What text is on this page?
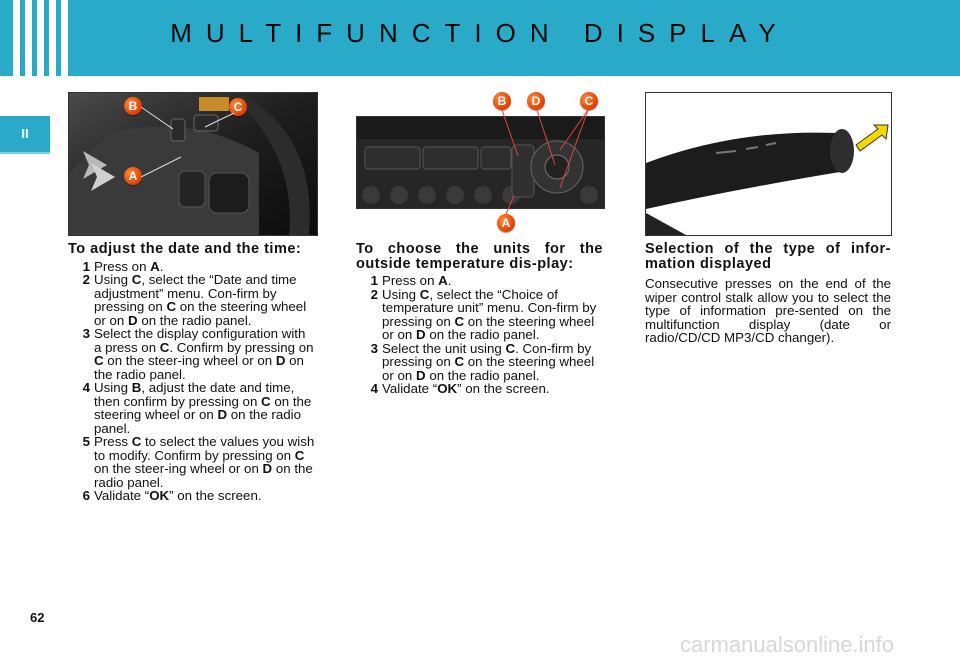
MULTIFUNCTION DISPLAY
II
B	C
A
B	D	C
A
To adjust the date and the time:
1 Press on A.
2 Using C, select the “Date and time adjustment” menu. Con-firm by pressing on C on the steering wheel or on D on the radio panel.
3 Select the display configuration with a press on C. Confirm by pressing on C on the steer-ing wheel or on D on the radio panel.
4 Using B, adjust the date and time, then confirm by pressing on C on the steering wheel or on D on the radio panel.
5 Press C to select the values you wish to modify. Confirm by pressing on C on the steer-ing wheel or on D on the radio panel.
6 Validate “OK” on the screen.
To choose the units for the outside temperature dis-play:
1 Press on A.
2 Using C, select the “Choice of temperature unit” menu. Con-firm by pressing on C on the steering wheel or on D on the radio panel.
3 Select the unit using C. Con-firm by pressing on C on the steering wheel or on D on the radio panel.
4 Validate “OK” on the screen.
Selection of the type of infor-mation displayed
Consecutive presses on the end of the wiper control stalk allow you to select the type of information pre-sented on the multifunction display (date or radio/CD/CD MP3/CD changer).
62
carmanualsonline.info
